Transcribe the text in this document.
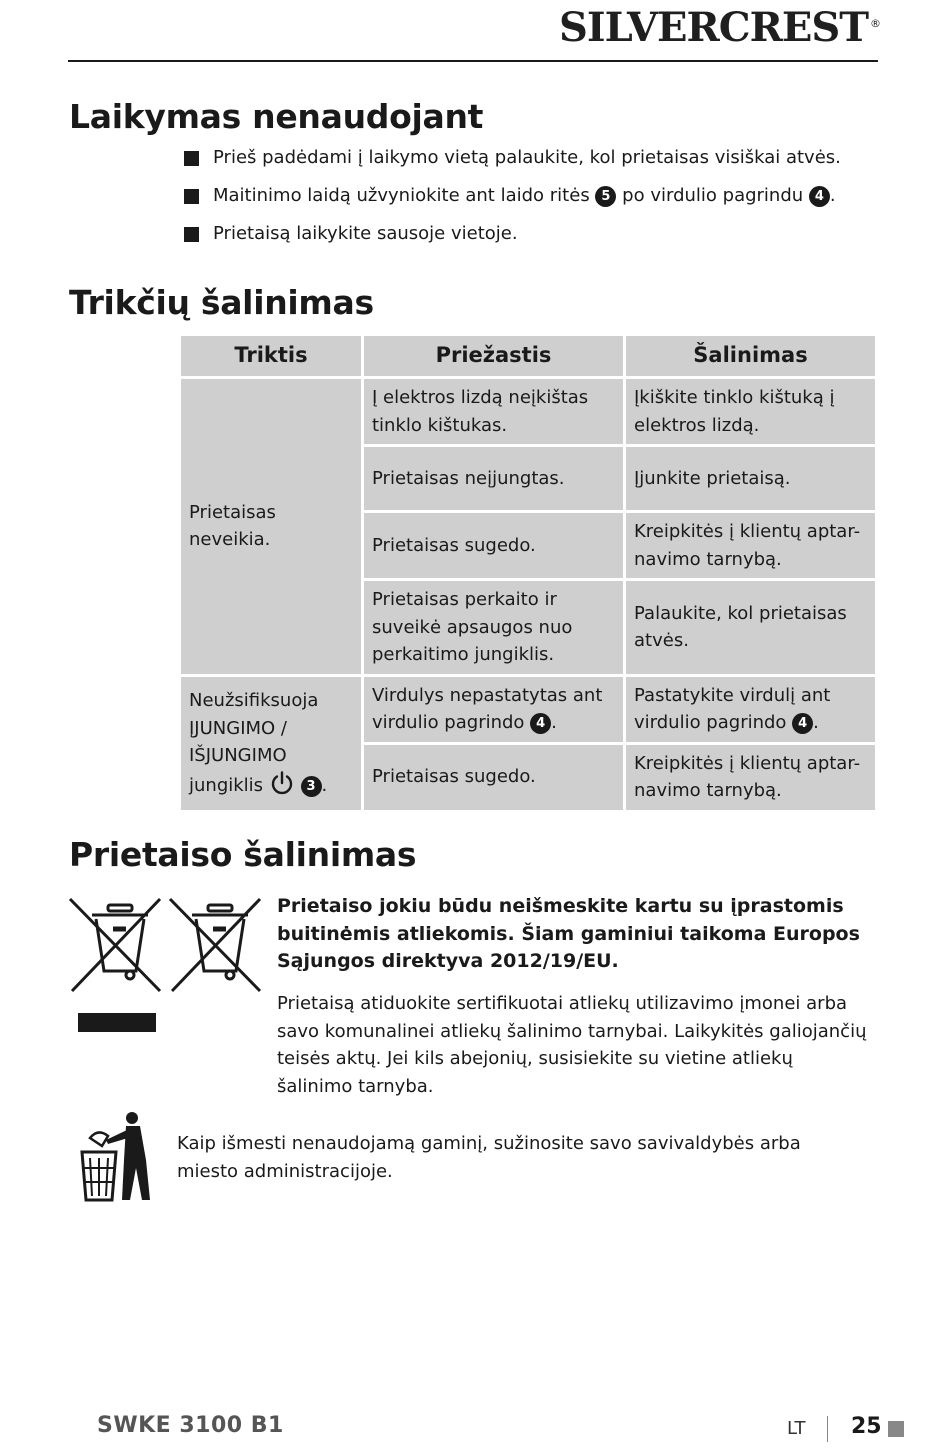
SILVERCREST ®
Laikymas nenaudojant
Prieš padėdami į laikymo vietą palaukite, kol prietaisas visiškai atvės.
Maitinimo laidą užvyniokite ant laido ritės 5 po virdulio pagrindu 4 .
Prietaisą laikykite sausoje vietoje.
Trikčių šalinimas
Triktis	Priežastis	Šalinimas
Prietaisas neveikia.	Į elektros lizdą neįkištas tinklo kištukas.	Įkiškite tinklo kištuką į elektros lizdą.
	Prietaisas neįjungtas.	Įjunkite prietaisą.
	Prietaisas sugedo.	Kreipkitės į klientų aptar-navimo tarnybą.
	Prietaisas perkaito ir suveikė apsaugos nuo perkaitimo jungiklis.	Palaukite, kol prietaisas atvės.
Neužsifiksuoja ĮJUNGIMO / IŠJUNGIMO jungiklis 3 .	Virdulys nepastatytas ant virdulio pagrindo 4 .	Pastatykite virdulį ant virdulio pagrindo 4 .
	Prietaisas sugedo.	Kreipkitės į klientų aptar-navimo tarnybą.
Prietaiso šalinimas

Prietaiso jokiu būdu neišmeskite kartu su įprastomis buitinėmis atliekomis. Šiam gaminiui taikoma Europos Sąjungos direktyva 2012/19/EU.

Prietaisą atiduokite sertifikuotai atliekų utilizavimo įmonei arba savo komunalinei atliekų šalinimo tarnybai. Laikykitės galiojančių teisės aktų. Jei kils abejonių, susisiekite su vietine atliekų šalinimo tarnyba.

Kaip išmesti nenaudojamą gaminį, sužinosite savo savivaldybės arba miesto administracijoje.

SWKE 3100 B1	LT 25
